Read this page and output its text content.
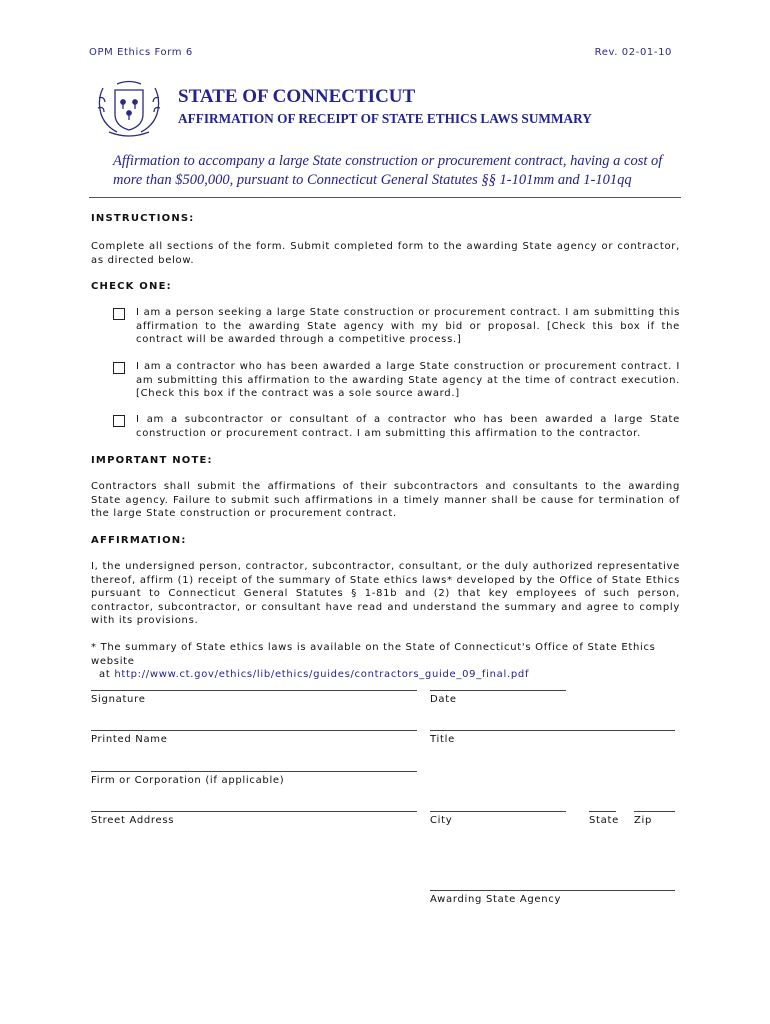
OPM Ethics Form 6	Rev. 02-01-10
STATE OF CONNECTICUT
AFFIRMATION OF RECEIPT OF STATE ETHICS LAWS SUMMARY
Affirmation to accompany a large State construction or procurement contract, having a cost of
more than $500,000, pursuant to Connecticut General Statutes §§ 1-101mm and 1-101qq
INSTRUCTIONS:
Complete all sections of the form. Submit completed form to the awarding State agency or contractor, as directed below.
CHECK ONE:
I am a person seeking a large State construction or procurement contract. I am submitting this affirmation to the awarding State agency with my bid or proposal. [Check this box if the contract will be awarded through a competitive process.]
I am a contractor who has been awarded a large State construction or procurement contract. I am submitting this affirmation to the awarding State agency at the time of contract execution. [Check this box if the contract was a sole source award.]
I am a subcontractor or consultant of a contractor who has been awarded a large State construction or procurement contract. I am submitting this affirmation to the contractor.
IMPORTANT NOTE:
Contractors shall submit the affirmations of their subcontractors and consultants to the awarding State agency. Failure to submit such affirmations in a timely manner shall be cause for termination of the large State construction or procurement contract.
AFFIRMATION:
I, the undersigned person, contractor, subcontractor, consultant, or the duly authorized representative thereof, affirm (1) receipt of the summary of State ethics laws* developed by the Office of State Ethics pursuant to Connecticut General Statutes § 1-81b and (2) that key employees of such person, contractor, subcontractor, or consultant have read and understand the summary and agree to comply with its provisions.
* The summary of State ethics laws is available on the State of Connecticut's Office of State Ethics website
at http://www.ct.gov/ethics/lib/ethics/guides/contractors_guide_09_final.pdf
Signature	Date
Printed Name	Title
Firm or Corporation (if applicable)
Street Address	City	State Zip
Awarding State Agency
